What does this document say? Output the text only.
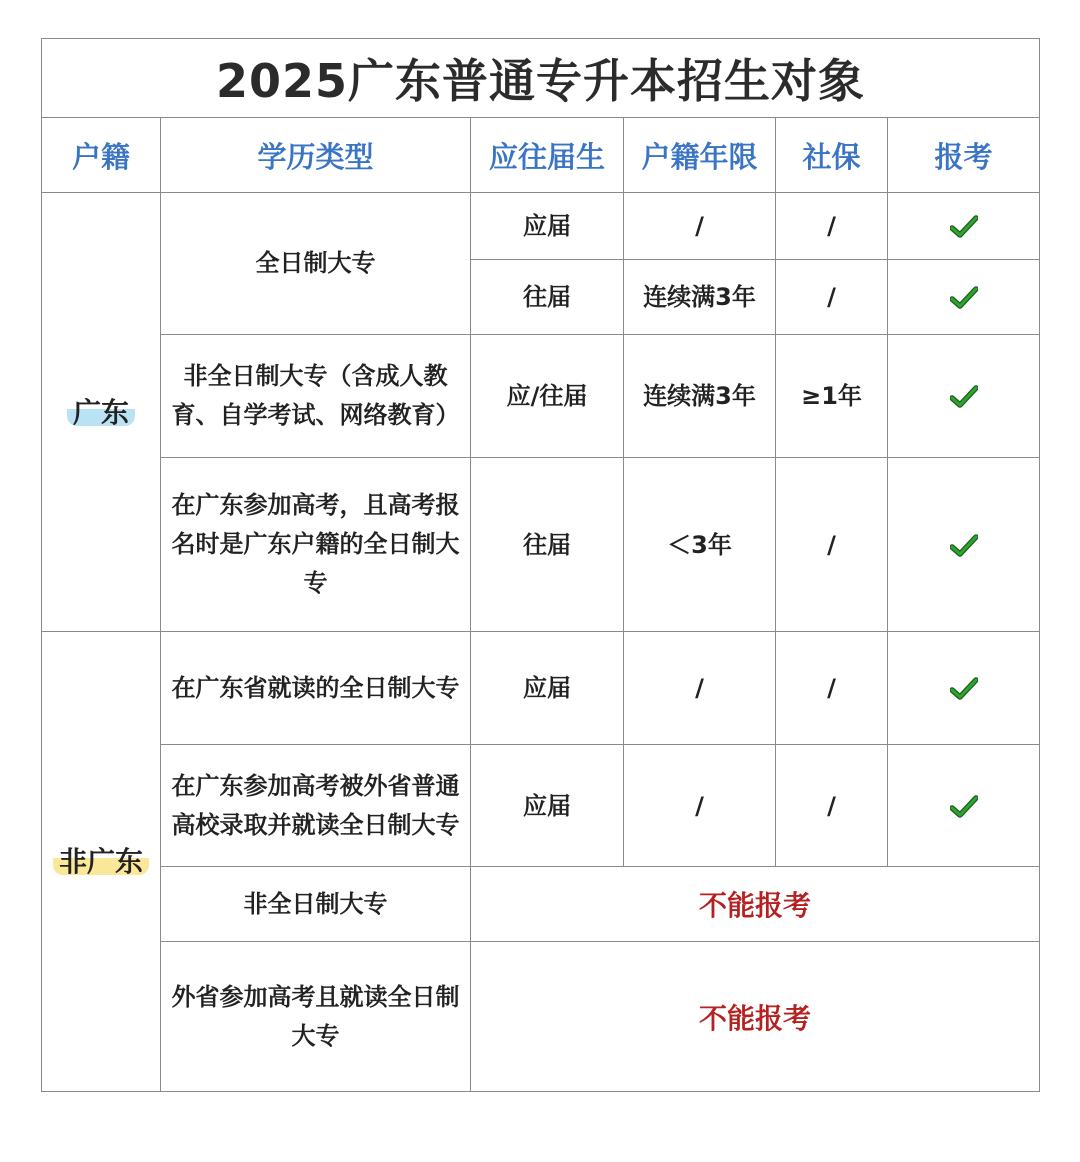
2025广东普通专升本招生对象					
户籍	学历类型	应往届生	户籍年限	社保	报考
广东	全日制大专	应届	/	/	
		往届	连续满3年	/	
	非全日制大专（含成人教育、自学考试、网络教育）	应/往届	连续满3年	≥1年	
	在广东参加高考，且高考报名时是广东户籍的全日制大专	往届	＜3年	/	
非广东	在广东省就读的全日制大专	应届	/	/	
	在广东参加高考被外省普通高校录取并就读全日制大专	应届	/	/	
	非全日制大专	不能报考			
	外省参加高考且就读全日制大专	不能报考			
